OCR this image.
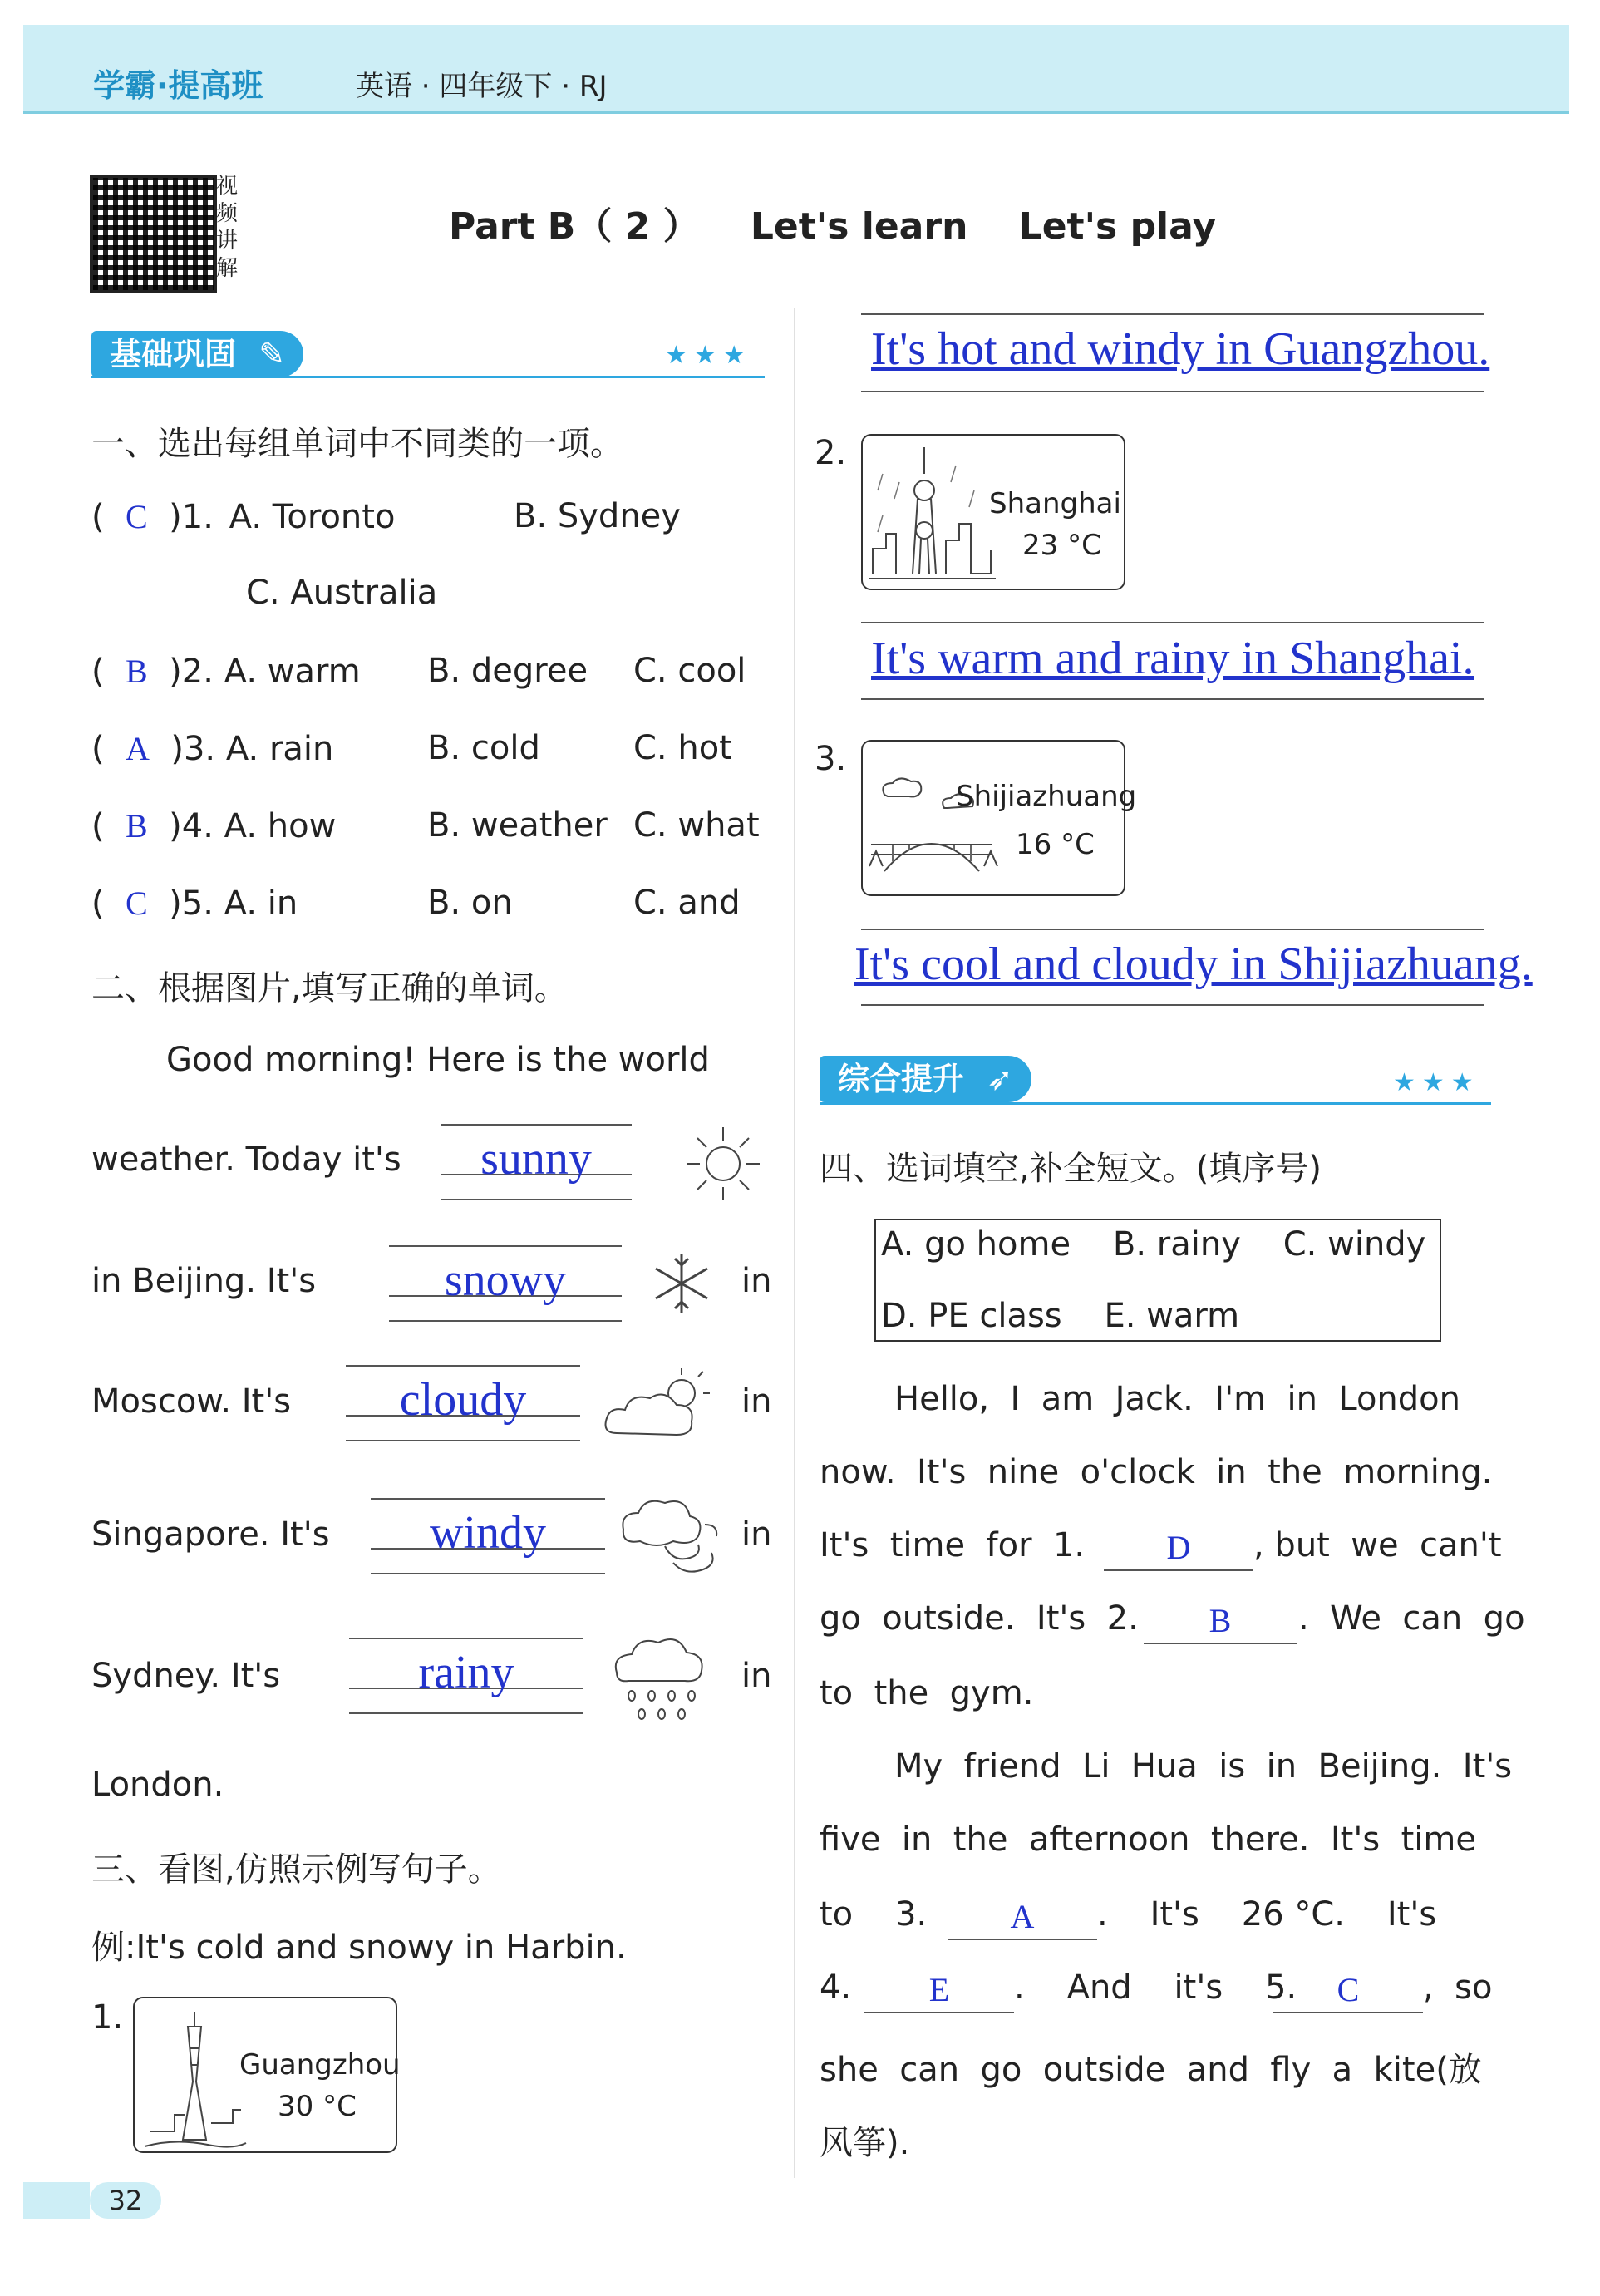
学霸·提高班	英语 · 四年级下 · RJ
视频讲解
Part B（ 2 ）    Let's learn    Let's play
基础巩固 ✎	★★★
一、选出每组单词中不同类的一项。
(  C  )1. A. Toronto	B. Sydney
C. Australia
(  B  )2. A. warm B. degree C. cool
(  A  )3. A. rain	B. cold	C. hot
(  B  )4. A. how	B. weather C. what
(  C  )5. A. in	B. on	C. and
二、根据图片,填写正确的单词。
Good morning! Here is the world
weather. Today it's	sunny
in Beijing. It's	snowy	in
Moscow. It's	cloudy	in
Singapore. It's	windy	in
Sydney. It's	rainy	in
London.
三、看图,仿照示例写句子。
例:It's cold and snowy in Harbin.
1.
Guangzhou
30 °C
It's hot and windy in Guangzhou.
2.
Shanghai
23 °C
It's warm and rainy in Shanghai.
3.
Shijiazhuang
16 °C
It's cool and cloudy in Shijiazhuang.
综合提升 ➶	★★★
四、选词填空,补全短文。(填序号)
A. go home    B. rainy    C. windy
D. PE class    E. warm
Hello,  I  am  Jack.  I'm  in  London
now.  It's  nine  o'clock  in  the  morning.
It's  time  for  1.	D	, but  we  can't
go  outside.  It's  2.	B	.  We  can  go
to  the  gym.
My  friend  Li  Hua  is  in  Beijing.  It's
five  in  the  afternoon  there.  It's  time
to    3.	A	.    It's    26 °C.    It's
4.	E	.    And    it's    5.	C	,  so
she  can  go  outside  and  fly  a  kite(放
风筝).
32
